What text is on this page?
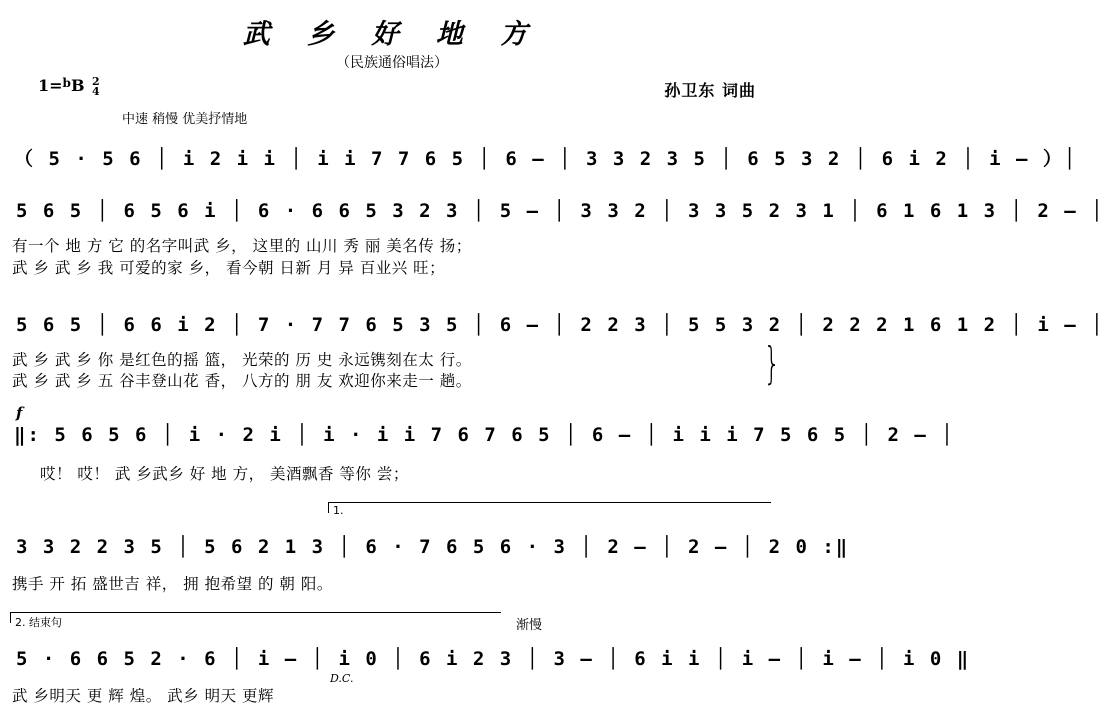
武 乡 好 地 方
（民族通俗唱法）
1=$^b$B 2
4	孙卫东 词曲
中速 稍慢 优美抒情地
（ 5 · 5 6 │ i 2 i i │ i i 7 7 6 5 │ 6 — │ 3 3 2 3 5 │ 6 5 3 2 │ 6 i 2 │ i — ）│
5 6 5 │ 6 5 6 i │ 6 · 6 6 5 3 2 3 │ 5 — │ 3 3 2 │ 3 3 5 2 3 1 │ 6 1 6 1 3 │ 2 — │
有一个 地 方 它 的名字叫武 乡， 这里的 山川 秀 丽 美名传 扬；
武 乡 武 乡 我 可爱的家 乡， 看今朝 日新 月 异 百业兴 旺；
5 6 5 │ 6 6 i 2 │ 7 · 7 7 6 5 3 5 │ 6 — │ 2 2 3 │ 5 5 3 2 │ 2 2 2 1 6 1 2 │ i — │
武 乡 武 乡 你 是红色的摇 篮， 光荣的 历 史 永远镌刻在太 行。
武 乡 武 乡 五 谷丰登山花 香， 八方的 朋 友 欢迎你来走一 趟。	}
f
‖: 5 6 5 6 │ i · 2 i │ i · i i 7 6 7 6 5 │ 6 — │ i i i 7 5 6 5 │ 2 — │
哎！ 哎！ 武 乡武乡 好 地 方， 美酒飘香 等你 尝；
1.
3 3 2 2 3 5 │ 5 6 2 1 3 │ 6 · 7 6 5 6 · 3 │ 2 — │ 2 — │ 2 0 :‖
携手 开 拓 盛世吉 祥， 拥 抱希望 的 朝 阳。
2. 结束句	渐慢
5 · 6 6 5 2 · 6 │ i — │ i 0 │ 6 i 2 3 │ 3 — │ 6 i i │ i — │ i — │ i 0 ‖
D.C.
武 乡明天 更 辉 煌。 武乡 明天 更辉
